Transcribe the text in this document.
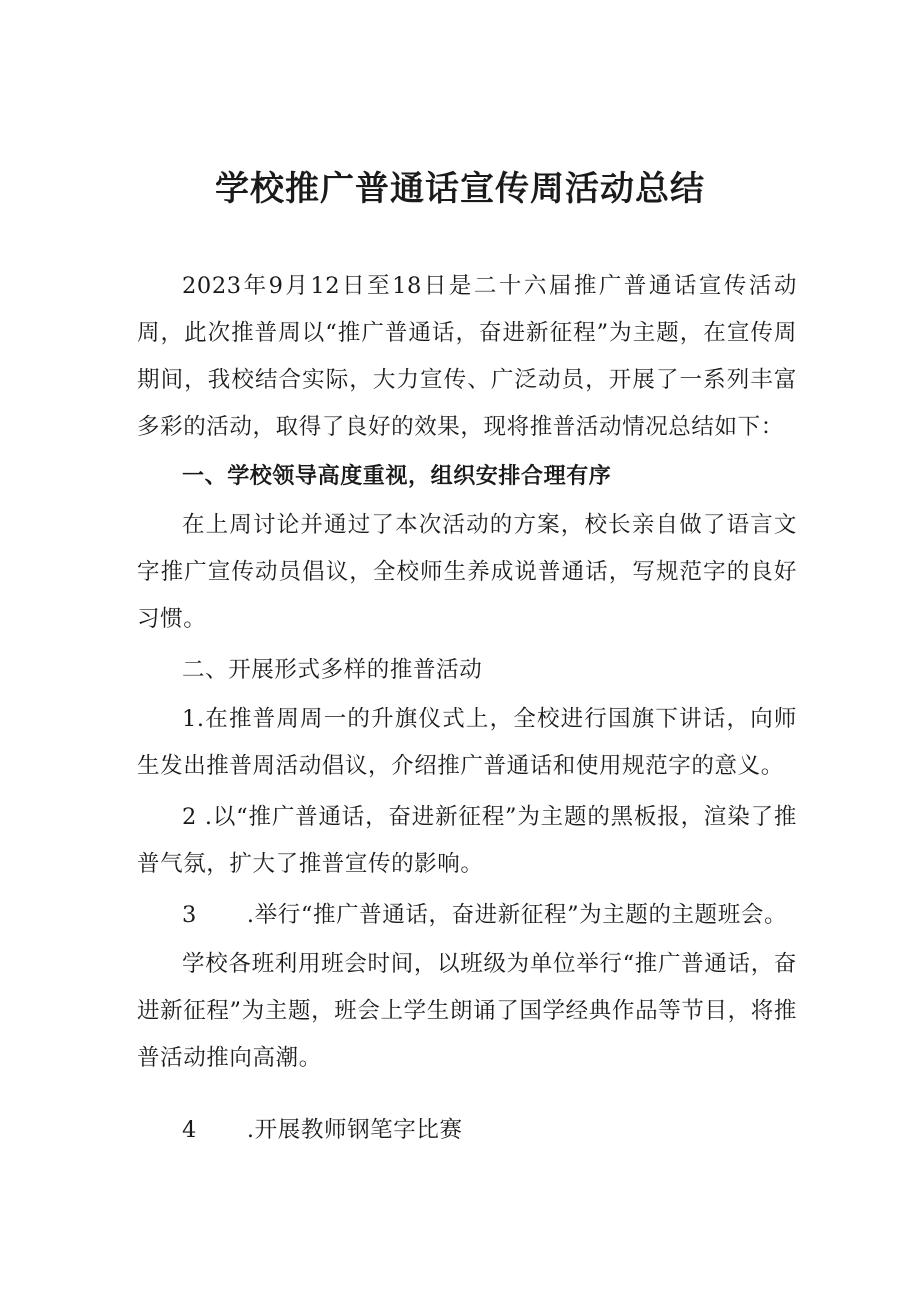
学校推广普通话宣传周活动总结

2023年9月12日至18日是二十六届推广普通话宣传活动周，此次推普周以“推广普通话，奋进新征程”为主题，在宣传周期间，我校结合实际，大力宣传、广泛动员，开展了一系列丰富多彩的活动，取得了良好的效果，现将推普活动情况总结如下：

一、学校领导高度重视，组织安排合理有序

在上周讨论并通过了本次活动的方案，校长亲自做了语言文字推广宣传动员倡议，全校师生养成说普通话，写规范字的良好习惯。

二、开展形式多样的推普活动

1.在推普周周一的升旗仪式上，全校进行国旗下讲话，向师生发出推普周活动倡议，介绍推广普通话和使用规范字的意义。

2 .以“推广普通话，奋进新征程”为主题的黑板报，渲染了推普气氛，扩大了推普宣传的影响。

3 .举行“推广普通话，奋进新征程”为主题的主题班会。

学校各班利用班会时间，以班级为单位举行“推广普通话，奋进新征程”为主题，班会上学生朗诵了国学经典作品等节目，将推普活动推向高潮。

4 .开展教师钢笔字比赛
